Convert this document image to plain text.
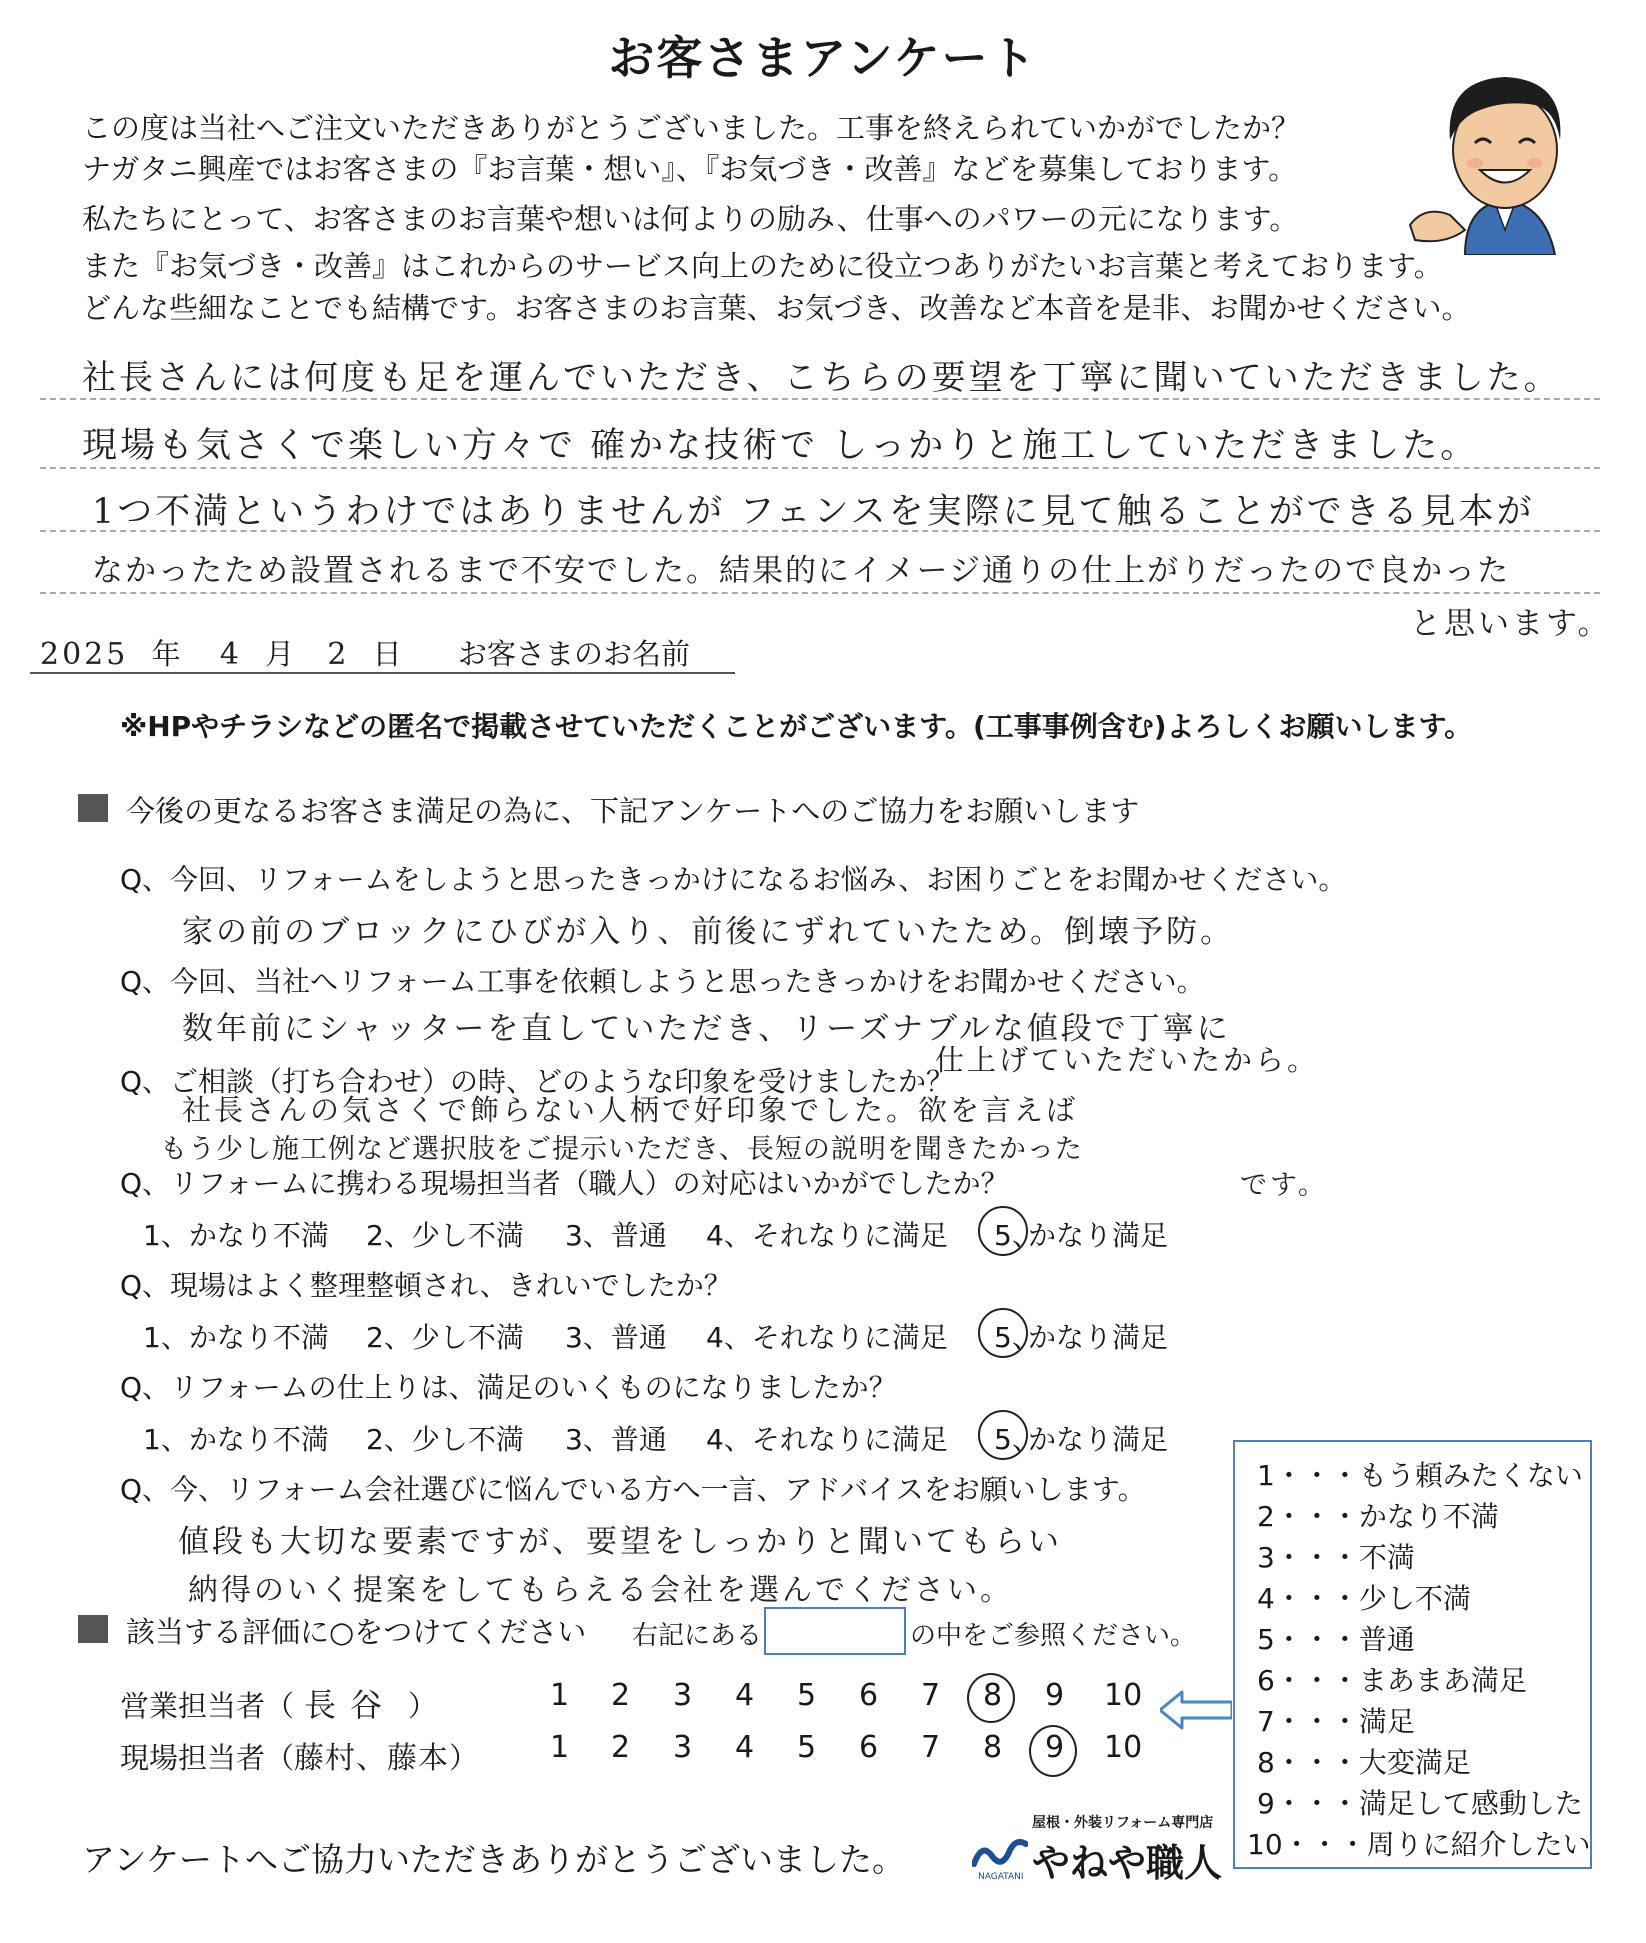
お客さまアンケート
この度は当社へご注文いただきありがとうございました。工事を終えられていかがでしたか？
ナガタニ興産ではお客さまの『お言葉・想い』、『お気づき・改善』などを募集しております。
私たちにとって、お客さまのお言葉や想いは何よりの励み、仕事へのパワーの元になります。
また『お気づき・改善』はこれからのサービス向上のために役立つありがたいお言葉と考えております。
どんな些細なことでも結構です。お客さまのお言葉、お気づき、改善など本音を是非、お聞かせください。
社長さんには何度も足を運んでいただき、こちらの要望を丁寧に聞いていただきました。
現場も気さくで楽しい方々で 確かな技術で しっかりと施工していただきました。
1つ不満というわけではありませんが フェンスを実際に見て触ることができる見本が
なかったため設置されるまで不安でした。結果的にイメージ通りの仕上がりだったので良かった
と思います。
2025 年 4 月 2 日 お客さまのお名前
※HPやチラシなどの匿名で掲載させていただくことがございます。(工事事例含む)よろしくお願いします。
今後の更なるお客さま満足の為に、下記アンケートへのご協力をお願いします
Q、今回、リフォームをしようと思ったきっかけになるお悩み、お困りごとをお聞かせください。
家の前のブロックにひびが入り、前後にずれていたため。倒壊予防。
Q、今回、当社へリフォーム工事を依頼しようと思ったきっかけをお聞かせください。
数年前にシャッターを直していただき、リーズナブルな値段で丁寧に
仕上げていただいたから。
Q、ご相談（打ち合わせ）の時、どのような印象を受けましたか？
社長さんの気さくで飾らない人柄で好印象でした。欲を言えば
もう少し施工例など選択肢をご提示いただき、長短の説明を聞きたかった
です。
Q、リフォームに携わる現場担当者（職人）の対応はいかがでしたか？
1、かなり不満 2、少し不満 3、普通 4、それなりに満足 5、
かなり満足
Q、現場はよく整理整頓され、きれいでしたか？
1、かなり不満 2、少し不満 3、普通 4、それなりに満足 5、
かなり満足
Q、リフォームの仕上りは、満足のいくものになりましたか？
1、かなり不満 2、少し不満 3、普通 4、それなりに満足 5、
かなり満足
Q、今、リフォーム会社選びに悩んでいる方へ一言、アドバイスをお願いします。
値段も大切な要素ですが、要望をしっかりと聞いてもらい
納得のいく提案をしてもらえる会社を選んでください。
該当する評価に○をつけてください 右記にある	の中をご参照ください。
営業担当者（ 長谷 ）
現場担当者（藤村、藤本）
1 2 3 4 5 6 7 8 9 10
1 2 3 4 5 6 7 8 9 10
1・・・もう頼みたくない
2・・・かなり不満
3・・・不満
4・・・少し不満
5・・・普通
6・・・まあまあ満足
7・・・満足
8・・・大変満足
9・・・満足して感動した
10・・・周りに紹介したい
アンケートへご協力いただきありがとうございました。
屋根・外装リフォーム専門店
NAGATANI やねや職人
